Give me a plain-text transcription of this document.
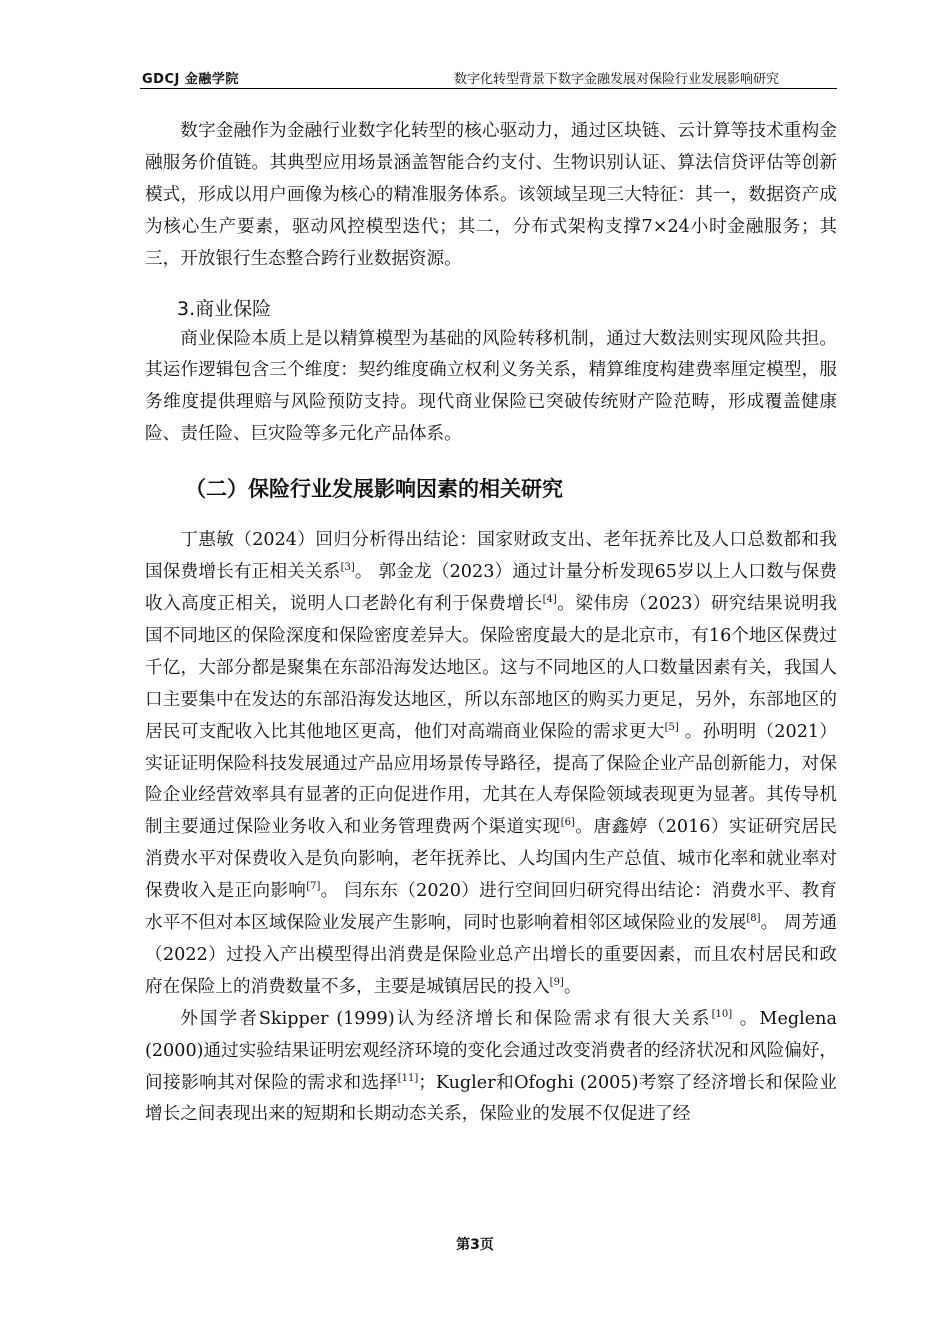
GDCJ 金融学院	数字化转型背景下数字金融发展对保险行业发展影响研究

数字金融作为金融行业数字化转型的核心驱动力，通过区块链、云计算等技术重构金融服务价值链。其典型应用场景涵盖智能合约支付、生物识别认证、算法信贷评估等创新模式，形成以用户画像为核心的精准服务体系。该领域呈现三大特征：其一，数据资产成为核心生产要素，驱动风控模型迭代；其二，分布式架构支撑7×24小时金融服务；其三，开放银行生态整合跨行业数据资源。

3.商业保险

商业保险本质上是以精算模型为基础的风险转移机制，通过大数法则实现风险共担。其运作逻辑包含三个维度：契约维度确立权利义务关系，精算维度构建费率厘定模型，服务维度提供理赔与风险预防支持。现代商业保险已突破传统财产险范畴，形成覆盖健康险、责任险、巨灾险等多元化产品体系。

（二）保险行业发展影响因素的相关研究

丁惠敏（2024）回归分析得出结论：国家财政支出、老年抚养比及人口总数都和我国保费增长有正相关关系[3]。 郭金龙（2023）通过计量分析发现65岁以上人口数与保费收入高度正相关，说明人口老龄化有利于保费增长[4]。梁伟房（2023）研究结果说明我国不同地区的保险深度和保险密度差异大。保险密度最大的是北京市，有16个地区保费过千亿，大部分都是聚集在东部沿海发达地区。这与不同地区的人口数量因素有关，我国人口主要集中在发达的东部沿海发达地区，所以东部地区的购买力更足，另外，东部地区的居民可支配收入比其他地区更高，他们对高端商业保险的需求更大[5] 。孙明明（2021）实证证明保险科技发展通过产品应用场景传导路径，提高了保险企业产品创新能力，对保险企业经营效率具有显著的正向促进作用，尤其在人寿保险领域表现更为显著。其传导机制主要通过保险业务收入和业务管理费两个渠道实现[6]。唐鑫婷（2016）实证研究居民消费水平对保费收入是负向影响，老年抚养比、人均国内生产总值、城市化率和就业率对保费收入是正向影响[7]。 闫东东（2020）进行空间回归研究得出结论：消费水平、教育水平不但对本区域保险业发展产生影响，同时也影响着相邻区域保险业的发展[8]。 周芳通（2022）过投入产出模型得出消费是保险业总产出增长的重要因素，而且农村居民和政府在保险上的消费数量不多，主要是城镇居民的投入[9]。

外国学者Skipper (1999)认为经济增长和保险需求有很大关系[10] 。Meglena (2000)通过实验结果证明宏观经济环境的变化会通过改变消费者的经济状况和风险偏好，间接影响其对保险的需求和选择[11]；Kugler和Ofoghi (2005)考察了经济增长和保险业增长之间表现出来的短期和长期动态关系，保险业的发展不仅促进了经

第3页
